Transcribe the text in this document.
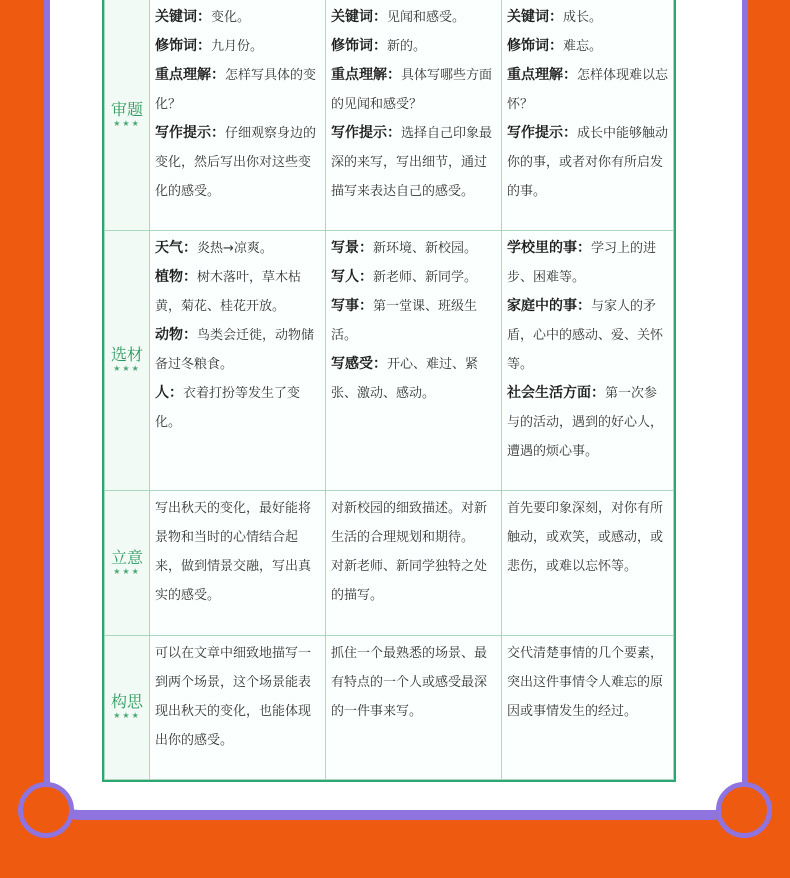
审题
★★★	关键词：变化。
修饰词：九月份。
重点理解：怎样写具体的变化？
写作提示：仔细观察身边的变化，然后写出你对这些变化的感受。	关键词：见闻和感受。
修饰词：新的。
重点理解：具体写哪些方面的见闻和感受？
写作提示：选择自己印象最深的来写，写出细节，通过描写来表达自己的感受。	关键词：成长。
修饰词：难忘。
重点理解：怎样体现难以忘怀？
写作提示：成长中能够触动你的事，或者对你有所启发的事。

选材
★★★	天气：炎热→凉爽。
植物：树木落叶，草木枯黄，菊花、桂花开放。
动物：鸟类会迁徙，动物储备过冬粮食。
人：衣着打扮等发生了变化。	写景：新环境、新校园。
写人：新老师、新同学。
写事：第一堂课、班级生活。
写感受：开心、难过、紧张、激动、感动。	学校里的事：学习上的进步、困难等。
家庭中的事：与家人的矛盾，心中的感动、爱、关怀等。
社会生活方面：第一次参与的活动，遇到的好心人，遭遇的烦心事。

立意
★★★	写出秋天的变化，最好能将景物和当时的心情结合起来，做到情景交融，写出真实的感受。	对新校园的细致描述。对新生活的合理规划和期待。
对新老师、新同学独特之处的描写。	首先要印象深刻，对你有所触动，或欢笑，或感动，或悲伤，或难以忘怀等。

构思
★★★	可以在文章中细致地描写一到两个场景，这个场景能表现出秋天的变化，也能体现出你的感受。	抓住一个最熟悉的场景、最有特点的一个人或感受最深的一件事来写。	交代清楚事情的几个要素，突出这件事情令人难忘的原因或事情发生的经过。
